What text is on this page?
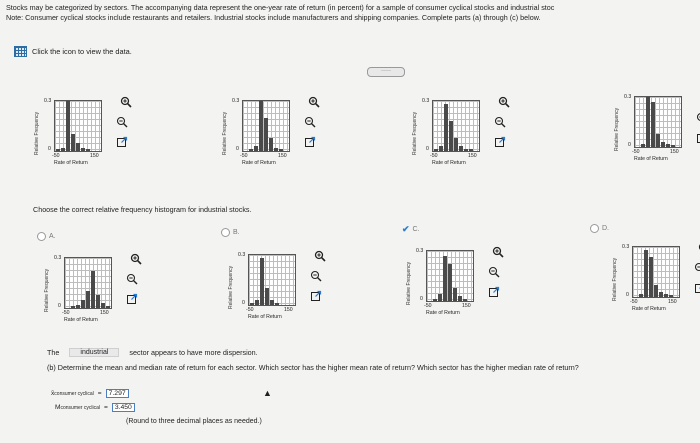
Stocks may be categorized by sectors. The accompanying data represent the one-year rate of return (in percent) for a sample of consumer cyclical stocks and industrial stoc
Note: Consumer cyclical stocks include restaurants and retailers. Industrial stocks include manufacturers and shipping companies. Complete parts (a) through (c) below.
Click the icon to view the data.
·····
Relative Frequency
0.3
0
-50	150
Rate of Return
Relative Frequency
0.3
0
-50	150
Rate of Return
Relative Frequency
0.3
0
-50	150
Rate of Return
Relative Frequency
0.3
0
-50	150
Rate of Return
Choose the correct relative frequency histogram for industrial stocks.
A.
B.	✔ C.	D.
Relative Frequency
0.3
0
-50	150
Rate of Return
Relative Frequency
0.3
0
-50	150
Rate of Return
Relative Frequency
0.3
0
-50	150
Rate of Return
Relative Frequency
0.3
0
-50	150
Rate of Return
The	industrial	sector appears to have more dispersion.
(b) Determine the mean and median rate of return for each sector. Which sector has the higher mean rate of return? Which sector has the higher median rate of return?
x̄ consumer cyclical =	7.297
M consumer cyclical =	3.450
(Round to three decimal places as needed.)
▲
